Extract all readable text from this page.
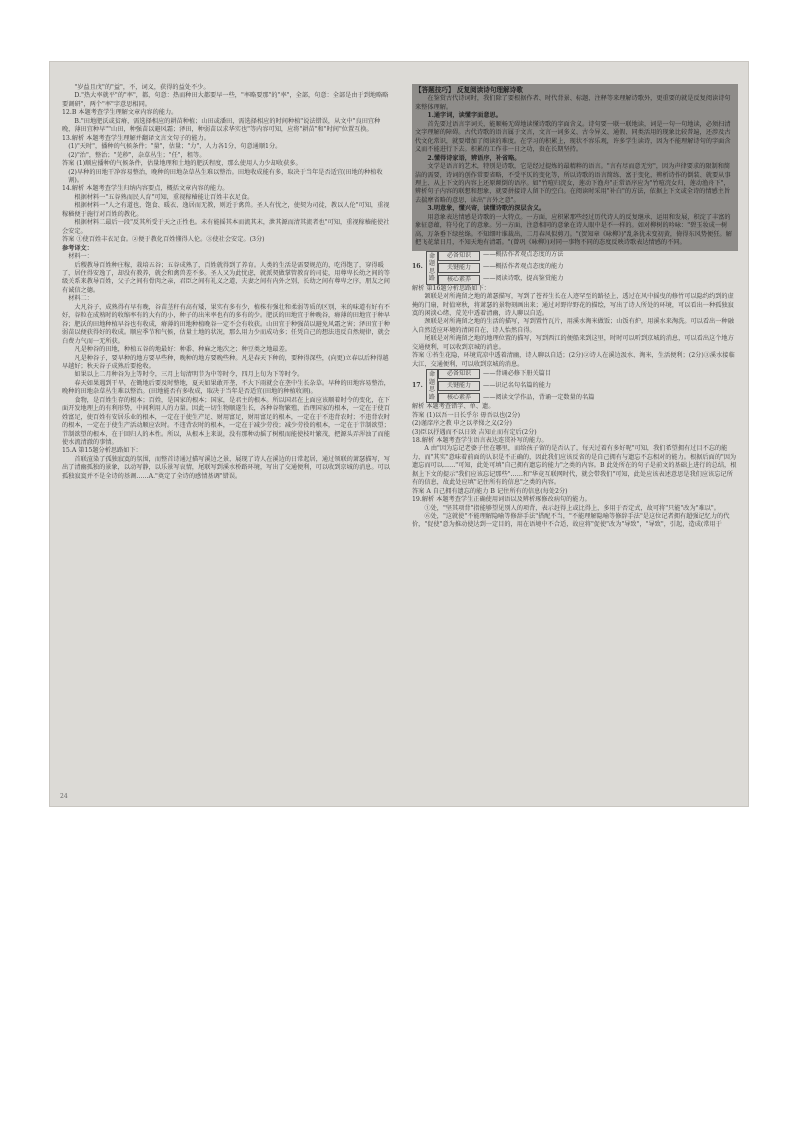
"岁益且戊"的"益"，不，词义，获得的益处不少。

D."热大率就平"的"率"，都，句意：热而种田大都要早一些，"率略要那"的"率"，全部，句意：全部是由于到地略略要调研"，两个"率"字意思相同。

12.B 本题考查学生理解文章内容的能力。

B."田地肥沃或贫瘠，需选择相应的耕苗种植；山田或潘田，需选择相应的时间种植"说法错误，从文中"良田宜种晚，薄田宜种早""山田，种强苗以避风霜；泽田，种弱苗以求华实也"等内容可知，应将"耕苗"和"时间"位置互换。

13.解析 本题考查学生理解并翻译文言文句子的能力。

(1)"天时"，播种的气候条件；"量"，估量；"力"，人力各1分，句意通顺1分。

(2)"治"，整治；"芜秽"，杂草丛生；"任"，租等。

答案 (1)顺应播种的气候条件，估量地理和土地的肥沃程度，那么使用人力少却收获多。

(2)早种的田地干净容易整治，晚种的田地杂草丛生难以整治。田地收成能有多，取决于当年是否适宜(田地的种植收割)。

14.解析 本题考查学生归纳内容要点，概括文章内容的能力。

根据材料一"五谷熟而民人育"可知，重视稼穑能让百姓丰衣足食。

根据材料一"人之有道也，饱食、暖衣、逸居而无教，则近于禽兽。圣人有忧之，使契为司徒，教以人伦"可知，重视稼穑便于施行对百姓的教化。

根据材料二最后一段"反其所受于天之正性也。未有能摇其本而流其末，泄其源而清其流者也"可知，重视稼穑能使社会安定。

答案 ①使百姓丰衣足食。②便于教化百姓懂得人伦。③使社会安定。(3分)

参考译文：

材料一：

后稷教导百姓种庄稼，栽培五谷；五谷成熟了，百姓就得到了养育。人类的生活是需要规范的，吃得饱了，穿得暖了，居住得安逸了，却没有教养，就会和禽兽差不多。圣人又为此忧虑，就派契做掌管教育的司徒，用尊卑长幼之间的等级关系来教导百姓，父子之间有骨肉之亲，君臣之间有礼义之道，夫妻之间有内外之别，长幼之间有尊卑之序，朋友之间有诚信之德。

材料二：

大凡谷子，成熟得有早有晚，谷苗茎秆有高有矮，果实有多有少，植株有强壮和柔弱等质的区别，米的味道有好有不好，谷粒在成熟时的收缩率有的大有的小，种子的出米率也有的多有的少。肥沃的田地宜于种晚谷，瘠薄的田地宜于种早谷；肥沃的田地种植早谷也有收成，瘠薄的田地种植晚谷一定不会有收获。山田宜于种强苗以避免风霜之害；泽田宜于种弱苗以便获得好的收成。顺应季节和气候，估量土地的状况，那么用力少而成功多；任凭自己的想法违反自然规律，就会白费力气而一无所获。

凡是种谷的田地，种植五谷的地最好：种黍、种麻之地次之；种豆类之地最差。

凡是种谷子，要早种的地方要早些种，晚种的地方要晚些种。凡是春天下种的，要种得深些，(向更)立春以后种得越早越好；秋天谷子成熟后要抢收。

如果以上二月种谷为上等时令，三月上旬清明节为中等时令，四月上旬为下等时令。

春天如果遇到干旱，在锄地后要及时整地，夏天如果敢开垄，不大下雨就会在垄中生长杂草。早种的田地容易整治，晚种的田地杂草丛生难以整治。(田地能否有多收成，取决于当年是否适宜(田地的种植收割)。

食物，是百姓生存的根本；百姓，是国家的根本；国家，是君主的根本。所以国君在上面应该顺着时令的变化，在下面开发地理上的有利形势，中间利用人的力量。因此一切生物顺遂生长，各种谷物繁殖，治理国家的根本，一定在于使百姓富足，使百姓有安居乐业的根本，一定在于使生产足、财用富足，财用富足的根本，一定在于不违背农时；不违背农时的根本，一定在于使生产活动顺应农时。不违背农时的根本，一定在于减少劳役；减少劳役的根本，一定在于节制欲望；节制欲望的根本，在于回归人的本性。所以，从根本上来说，没有那种动摇了树根而能使枝叶繁茂，把源头弄浑浊了而能使水流清澈的事情。

15.A 第15题分析思路如下：

首联渲染了孤独寂寞的氛围，而整首诗通过描写溪边之景，展现了诗人在溪边的日常起居，通过领联的萧瑟描写，写出了清幽孤独的景象，以动写静，以乐景写哀情，尾联写到溪水桥路环境，写出了交通便利，可以收到京城的消息。可以孤独寂寞并不是全诗的基调……A."奠定了全诗的感情基调"错误。

【答题技巧】 反复阅读诗句理解诗歌

在鉴赏古代诗词时，我们除了要根据作者、时代背景、标题、注释等来理解诗歌外，更重要的就是反复阅读诗句来整体理解。

1.通字词，读懂字面意思。

首先要过语言字词关，能顺畅无碍地读懂诗歌的字面含义。诗句要一联一联地读，词是一句一句地读，必须扫清文字理解的障碍。古代诗歌的语言属于文言，文言一词多义、古今异义、通假、同类活用的现象比较普遍，还涉及古代文化常识，就要增加了阅读的难度。在学习的积累上，现状不容乐观，许多学生读诗，因为不能理解诗句的字面含义而不能进行下去。积累的工作非一日之功，贵在长期坚持。

2.懂得诗家语，辨语序，补省略。

文学是语言的艺术，特别是诗歌，它是经过提炼的最精粹的语言。"言有尽而意无穷"，因为声律要求的限制和简洁的需要，诗词的创作常要省略，不受平仄的变化等，所以诗歌的语言简练、富于变化，辨析诗作的倒装、就要从事理上、从上下文的内容上还原颠倒的语序。如"竹喧归浣女，莲动下渔舟"正常语序应为"竹喧浣女归，莲动渔舟下"，辨析句子内容的联想和想象，就要拼接诗人留下的空白。在阅读时采用"补白"的方法，依据上下文或全诗的情感主旨去揣摩省略的意思，读出"言外之意"。

3.明意象，懂兴寄，读懂诗歌的深层含义。

用意象表达情感是诗歌的一大特点。一方面，应积累那些经过历代诗人的反复继承、运用和发展，积淀了丰富的象征意蕴，符号化了的意象。另一方面，注意相同的意象在诗人眼中是不一样的。如对柳树的吟咏："碧玉妆成一树高，万条垂下绿丝绦。不知细叶谁裁出，二月春风似剪刀。"(贺知章《咏柳》)"乱条犹未变初黄，倚得东风势便狂。解把飞花蒙日月，不知天地有清霜。"(曾巩《咏柳》)对同一事物不同的态度反映诗歌表达情感的不同。

16.
命题思路
必备知识	——概括作者观点态度的方法
关键能力	——概括作者观点态度的能力
核心素养	——阅读诗歌，提高鉴赏能力

解析 第16题分析思路如下：

颔联是对所淹留之地的萧瑟描写，写到了苍苔生长在人迹罕至的路径上，透过在风中摇曳的修竹可以隐约约到的虚掩的门扇，时值寒秋，将萧瑟的景物刻画出来；通过对野岸野花的描绘，写出了诗人所处的环境，可以看出一种孤独寂寞的闲淡心绪，荒芜中透着清幽，诗人聊以自适。

颈联是对所淹留之地的生活的描写，写到置竹瓦片，用溪水淘米做饭；山饭有炉，用溪水来淘洗。可以看出一种融入自然适应环境的清闲自在，诗人怡然自得。

尾联是对所淹留之地的地理位置的描写，写到西江的便船来到这里，时时可以听到京城的消息，可以看出这个地方交通便利，可以收到京城的消息。

答案 ①苔生花隐，环境荒凉中透着清幽，诗人聊以自适；(2分)②诗人在溪边汲水、淘米，生活便利；(2分)③溪水接临大江，交通便利，可以收到京城的消息。

17.
命题思路
必备知识	——背诵必修下册关篇目
关键能力	——识记名句名篇的能力
核心素养	——阅读文学作品，背诵一定数量的名篇

解析 本题考查错字、单、遗。

答案 (1)以吾一日长乎尔 毋吾以也(2分)

(2)谨庠序之教 申之以孝悌之义(2分)

(3)臣以抒遇而不以日效 吉知止而有定后(2分)

18.解析 本题考查学生语言表达连贯补写的能力。

A 由"因为忘记老婆子住在哪里，而给孩子留的是否认了，每天过着有多好呢"可知，我们希望拥有过目不忘的能力，而"其实"意味着前面的认识是不正确的，因此我们应该反省的是自己拥有与遗忘不忘相对的能力。根据后面的"因为遗忘而可以……"可知，此处可填"自己拥有遗忘的能力"之类的内容。B 此处所在的句子是前文的基础上进行的总结，根据上下文的提示"我们应该忘记那些"……和"华竟互联网时代，就会带我们"可知，此处应该表述意思是我们应该忘记所有的信息，故此处应填"记住所有的信息"之类的内容。

答案 A 自己拥有遗忘的能力 B 记住所有的信息(每处2分)

19.解析 本题考查学生正确使用词语以及辨析琢修改病句的能力。

①处，"坚其项背"指能够望见别人的项背，表示赶得上或比得上，多用于否定式，故可将"只能"改为"难以"。

⑥处，"这就使"不能理解隐喻等修辞手法"搭配不当，"不能理解隐喻等修辞手法"是这位记者拥有超强记忆力的代价，"促使"意为推动使达到一定目的，用在语境中不合适，故应将"促使"改为"导致"，"导致"，引起，造成(常用于

24
